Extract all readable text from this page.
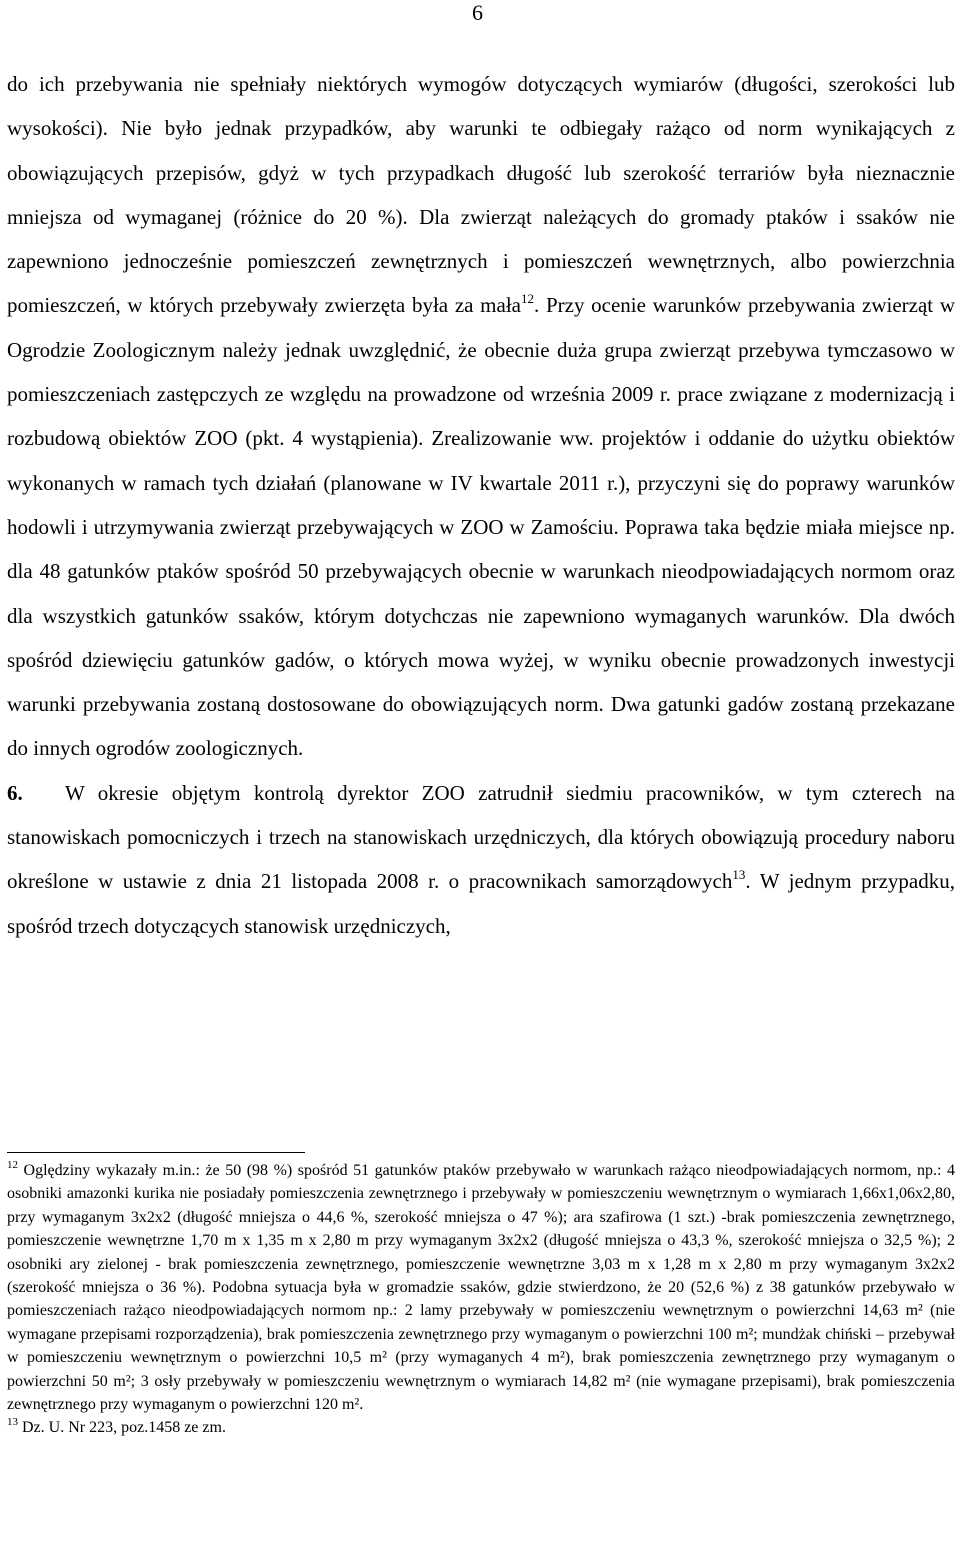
6

do ich przebywania nie spełniały niektórych wymogów dotyczących wymiarów (długości, szerokości lub wysokości). Nie było jednak przypadków, aby warunki te odbiegały rażąco od norm wynikających z obowiązujących przepisów, gdyż w tych przypadkach długość lub szerokość terrariów była nieznacznie mniejsza od wymaganej (różnice do 20 %). Dla zwierząt należących do gromady ptaków i ssaków nie zapewniono jednocześnie pomieszczeń zewnętrznych i pomieszczeń wewnętrznych, albo powierzchnia pomieszczeń, w których przebywały zwierzęta była za mała$^{12}$. Przy ocenie warunków przebywania zwierząt w Ogrodzie Zoologicznym należy jednak uwzględnić, że obecnie duża grupa zwierząt przebywa tymczasowo w pomieszczeniach zastępczych ze względu na prowadzone od września 2009 r. prace związane z modernizacją i rozbudową obiektów ZOO (pkt. 4 wystąpienia). Zrealizowanie ww. projektów i oddanie do użytku obiektów wykonanych w ramach tych działań (planowane w IV kwartale 2011 r.), przyczyni się do poprawy warunków hodowli i utrzymywania zwierząt przebywających w ZOO w Zamościu. Poprawa taka będzie miała miejsce np. dla 48 gatunków ptaków spośród 50 przebywających obecnie w warunkach nieodpowiadających normom oraz dla wszystkich gatunków ssaków, którym dotychczas nie zapewniono wymaganych warunków. Dla dwóch spośród dziewięciu gatunków gadów, o których mowa wyżej, w wyniku obecnie prowadzonych inwestycji warunki przebywania zostaną dostosowane do obowiązujących norm. Dwa gatunki gadów zostaną przekazane do innych ogrodów zoologicznych.

6. W okresie objętym kontrolą dyrektor ZOO zatrudnił siedmiu pracowników, w tym czterech na stanowiskach pomocniczych i trzech na stanowiskach urzędniczych, dla których obowiązują procedury naboru określone w ustawie z dnia 21 listopada 2008 r. o pracownikach samorządowych$^{13}$. W jednym przypadku, spośród trzech dotyczących stanowisk urzędniczych,

$^{12}$ Oględziny wykazały m.in.: że 50 (98 %) spośród 51 gatunków ptaków przebywało w warunkach rażąco nieodpowiadających normom, np.: 4 osobniki amazonki kurika nie posiadały pomieszczenia zewnętrznego i przebywały w pomieszczeniu wewnętrznym o wymiarach 1,66x1,06x2,80, przy wymaganym 3x2x2 (długość mniejsza o 44,6 %, szerokość mniejsza o 47 %); ara szafirowa (1 szt.) -brak pomieszczenia zewnętrznego, pomieszczenie wewnętrzne 1,70 m x 1,35 m x 2,80 m przy wymaganym 3x2x2 (długość mniejsza o 43,3 %, szerokość mniejsza o 32,5 %); 2 osobniki ary zielonej - brak pomieszczenia zewnętrznego, pomieszczenie wewnętrzne 3,03 m x 1,28 m x 2,80 m przy wymaganym 3x2x2 (szerokość mniejsza o 36 %). Podobna sytuacja była w gromadzie ssaków, gdzie stwierdzono, że 20 (52,6 %) z 38 gatunków przebywało w pomieszczeniach rażąco nieodpowiadających normom np.: 2 lamy przebywały w pomieszczeniu wewnętrznym o powierzchni 14,63 m² (nie wymagane przepisami rozporządzenia), brak pomieszczenia zewnętrznego przy wymaganym o powierzchni 100 m²; mundżak chiński – przebywał w pomieszczeniu wewnętrznym o powierzchni 10,5 m² (przy wymaganych 4 m²), brak pomieszczenia zewnętrznego przy wymaganym o powierzchni 50 m²; 3 osły przebywały w pomieszczeniu wewnętrznym o wymiarach 14,82 m² (nie wymagane przepisami), brak pomieszczenia zewnętrznego przy wymaganym o powierzchni 120 m².

$^{13}$ Dz. U. Nr 223, poz.1458 ze zm.
